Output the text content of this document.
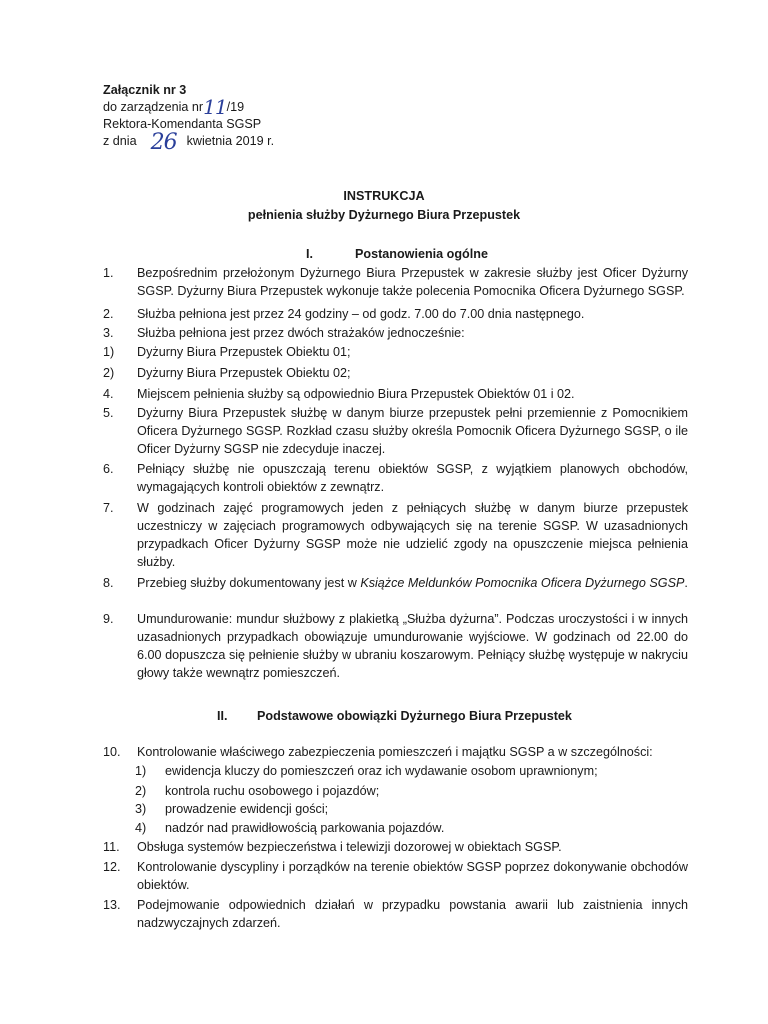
Załącznik nr 3
do zarządzenia nr11/19
Rektora-Komendanta SGSP
z dnia 26 kwietnia 2019 r.
INSTRUKCJA
pełnienia służby Dyżurnego Biura Przepustek
I.	Postanowienia ogólne
1.	Bezpośrednim przełożonym Dyżurnego Biura Przepustek w zakresie służby jest Oficer Dyżurny SGSP. Dyżurny Biura Przepustek wykonuje także polecenia Pomocnika Oficera Dyżurnego SGSP.
2.	Służba pełniona jest przez 24 godziny – od godz. 7.00 do 7.00 dnia następnego.
3.	Służba pełniona jest przez dwóch strażaków jednocześnie:
1)	Dyżurny Biura Przepustek Obiektu 01;
2)	Dyżurny Biura Przepustek Obiektu 02;
4.	Miejscem pełnienia służby są odpowiednio Biura Przepustek Obiektów 01 i 02.
5.	Dyżurny Biura Przepustek służbę w danym biurze przepustek pełni przemiennie z Pomocnikiem Oficera Dyżurnego SGSP. Rozkład czasu służby określa Pomocnik Oficera Dyżurnego SGSP, o ile Oficer Dyżurny SGSP nie zdecyduje inaczej.
6.	Pełniący służbę nie opuszczają terenu obiektów SGSP, z wyjątkiem planowych obchodów, wymagających kontroli obiektów z zewnątrz.
7.	W godzinach zajęć programowych jeden z pełniących służbę w danym biurze przepustek uczestniczy w zajęciach programowych odbywających się na terenie SGSP. W uzasadnionych przypadkach Oficer Dyżurny SGSP może nie udzielić zgody na opuszczenie miejsca pełnienia służby.
8.	Przebieg służby dokumentowany jest w Książce Meldunków Pomocnika Oficera Dyżurnego SGSP.
9.	Umundurowanie: mundur służbowy z plakietką „Służba dyżurna”. Podczas uroczystości i w innych uzasadnionych przypadkach obowiązuje umundurowanie wyjściowe. W godzinach od 22.00 do 6.00 dopuszcza się pełnienie służby w ubraniu koszarowym. Pełniący służbę występuje w nakryciu głowy także wewnątrz pomieszczeń.
II. Podstawowe obowiązki Dyżurnego Biura Przepustek
10.	Kontrolowanie właściwego zabezpieczenia pomieszczeń i majątku SGSP a w szczególności:
1) ewidencja kluczy do pomieszczeń oraz ich wydawanie osobom uprawnionym;
2) kontrola ruchu osobowego i pojazdów;
3) prowadzenie ewidencji gości;
4) nadzór nad prawidłowością parkowania pojazdów.
11.	Obsługa systemów bezpieczeństwa i telewizji dozorowej w obiektach SGSP.
12.	Kontrolowanie dyscypliny i porządków na terenie obiektów SGSP poprzez dokonywanie obchodów obiektów.
13.	Podejmowanie odpowiednich działań w przypadku powstania awarii lub zaistnienia innych nadzwyczajnych zdarzeń.
